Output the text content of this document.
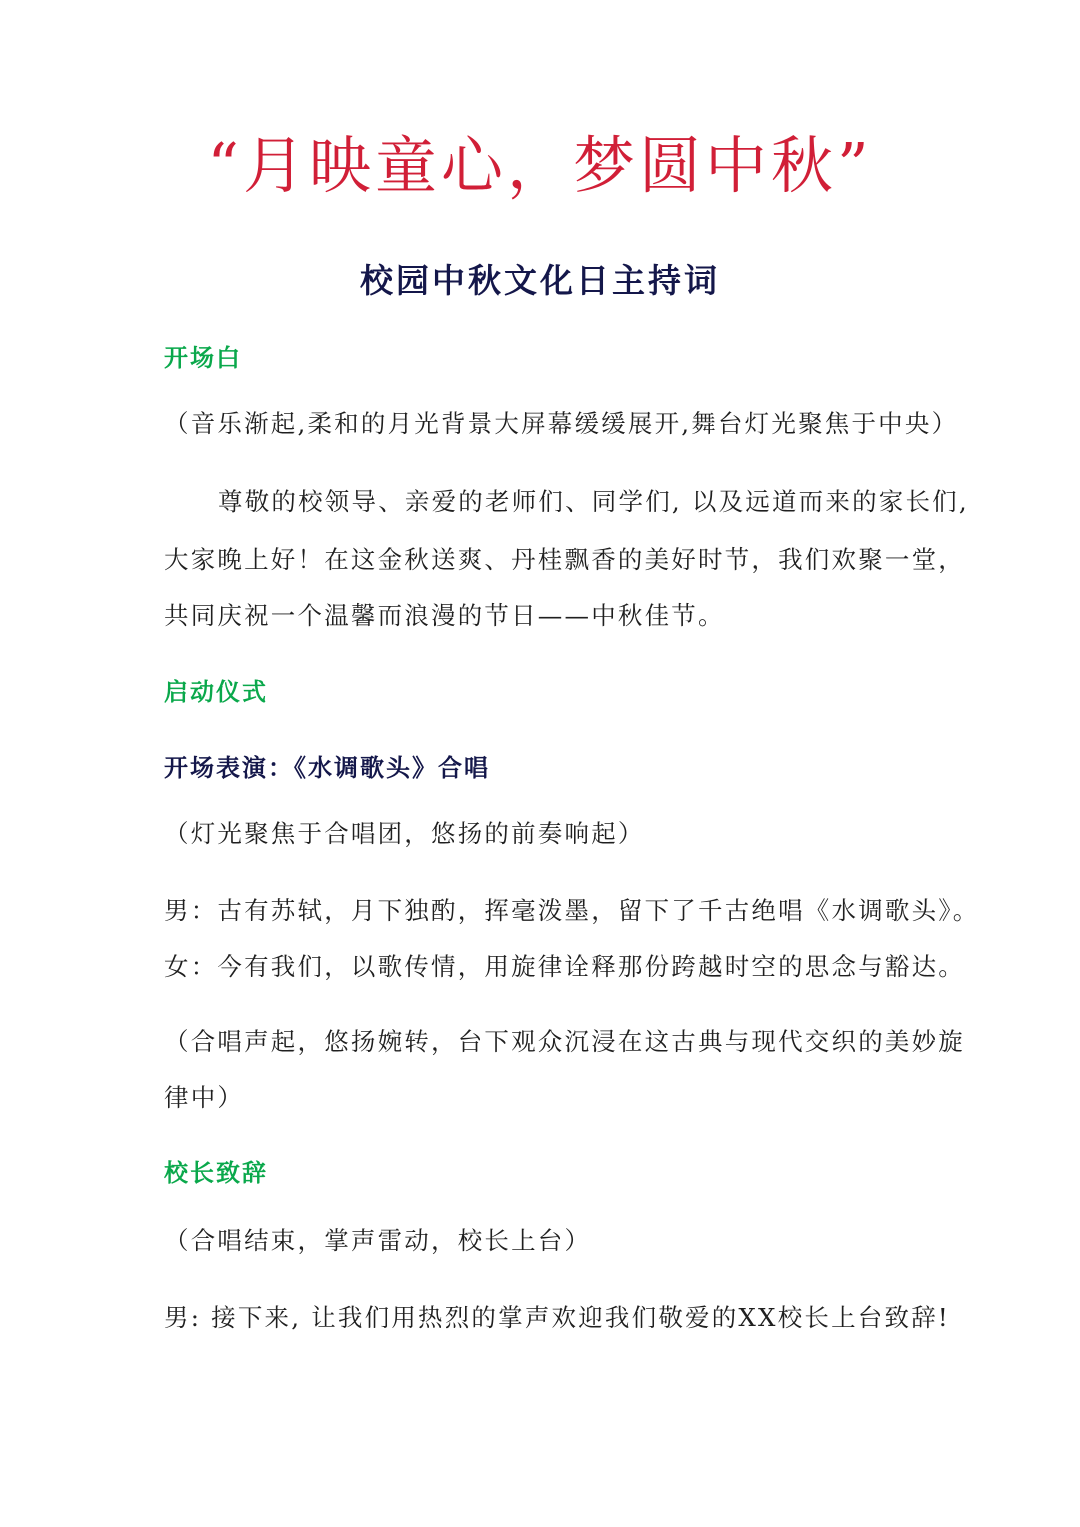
“月映童心，梦圆中秋”
校园中秋文化日主持词
开场白
（音乐渐起,柔和的月光背景大屏幕缓缓展开,舞台灯光聚焦于中央）
尊敬的校领导、亲爱的老师们、同学们, 以及远道而来的家长们,
大家晚上好！在这金秋送爽、丹桂飘香的美好时节，我们欢聚一堂，
共同庆祝一个温馨而浪漫的节日——中秋佳节。
启动仪式
开场表演：《水调歌头》合唱
（灯光聚焦于合唱团，悠扬的前奏响起）
男：古有苏轼，月下独酌，挥毫泼墨，留下了千古绝唱《水调歌头》。
女：今有我们，以歌传情，用旋律诠释那份跨越时空的思念与豁达。
（合唱声起，悠扬婉转，台下观众沉浸在这古典与现代交织的美妙旋
律中）
校长致辞
（合唱结束，掌声雷动，校长上台）
男: 接下来, 让我们用热烈的掌声欢迎我们敬爱的XX校长上台致辞!
